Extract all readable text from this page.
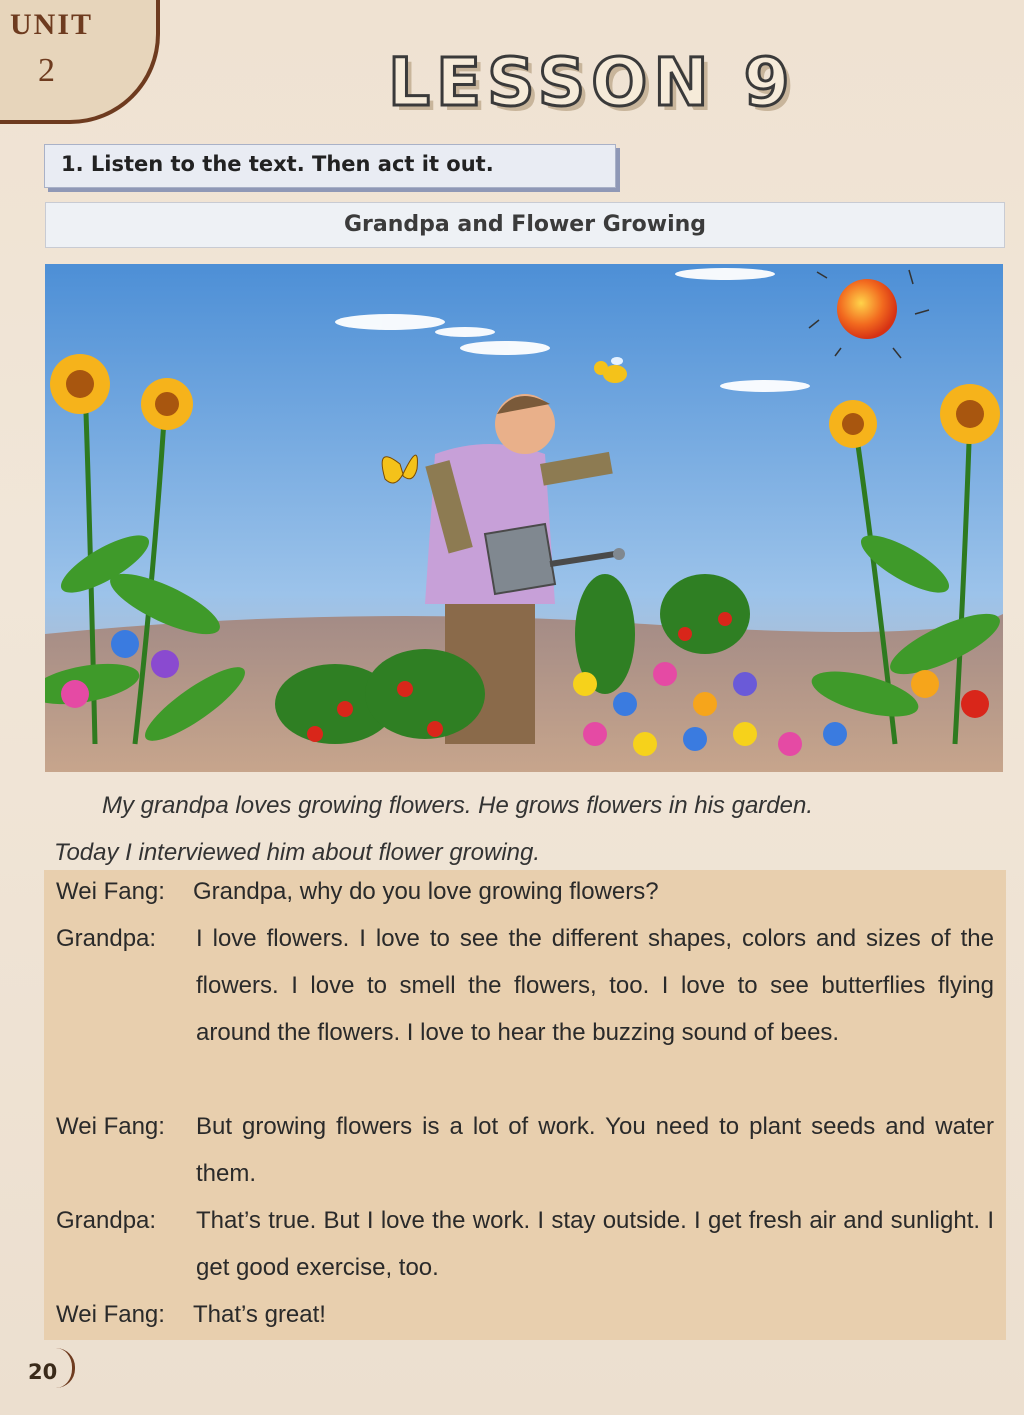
UNIT
2	LESSON 9
1. Listen to the text. Then act it out.
Grandpa and Flower Growing

My grandpa loves growing flowers. He grows flowers in his garden.

Today I interviewed him about flower growing.

Wei Fang: Grandpa, why do you love growing flowers?
Grandpa: I love flowers. I love to see the different shapes, colors and sizes of the flowers. I love to smell the flowers, too. I love to see butterflies flying around the flowers. I love to hear the buzzing sound of bees.
Wei Fang: But growing flowers is a lot of work. You need to plant seeds and water them.
Grandpa: That’s true. But I love the work. I stay outside. I get fresh air and sunlight. I get good exercise, too.
Wei Fang: That’s great!
20
